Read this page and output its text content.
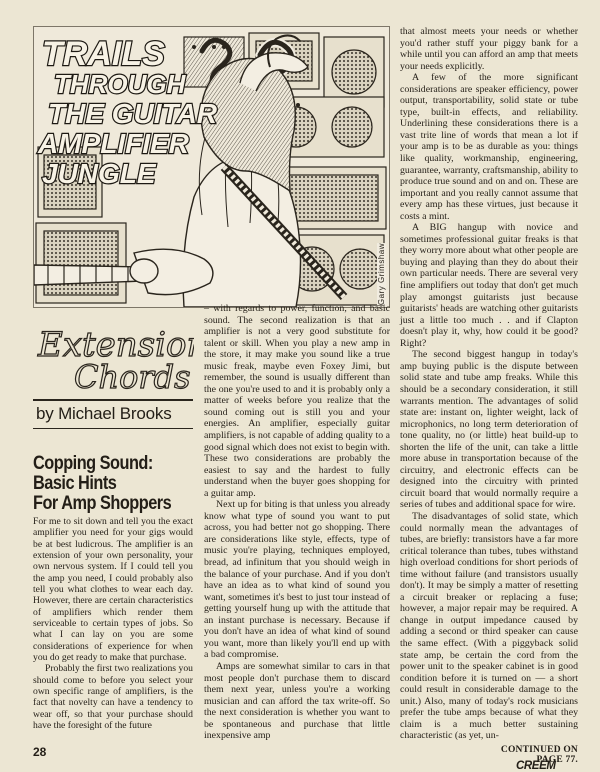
TRAILS
THROUGH
THE GUITAR
AMPLIFIER
JUNGLE
Gary Grimshaw
Extension
Chords
by Michael Brooks
Copping Sound:
Basic Hints
For Amp Shoppers

For me to sit down and tell you the exact amplifier you need for your gigs would be at best ludicrous. The amplifier is an extension of your own personality, your own nervous system. If I could tell you the amp you need, I could probably also tell you what clothes to wear each day. However, there are certain characteristics of amplifiers which render them serviceable to certain types of jobs. So what I can lay on you are some considerations of experience for when you do get ready to make that purchase.

Probably the first two realizations you should come to before you select your own specific range of amplifiers, is the fact that novelty can have a tendency to wear off, so that your purchase should have the foresight of the future

– with regards to power, function, and basic sound. The second realization is that an amplifier is not a very good substitute for talent or skill. When you play a new amp in the store, it may make you sound like a true music freak, maybe even Foxey Jimi, but remember, the sound is usually different than the one you're used to and it is probably only a matter of weeks before you realize that the sound coming out is still you and your energies. An amplifier, especially guitar amplifiers, is not capable of adding quality to a good signal which does not exist to begin with. These two considerations are probably the easiest to say and the hardest to fully understand when the buyer goes shopping for a guitar amp.

Next up for biting is that unless you already know what type of sound you want to put across, you had better not go shopping. There are considerations like style, effects, type of music you're playing, techniques employed, bread, ad infinitum that you should weigh in the balance of your purchase. And if you don't have an idea as to what kind of sound you want, sometimes it's best to just tour instead of getting yourself hung up with the attitude that an instant purchase is necessary. Because if you don't have an idea of what kind of sound you want, more than likely you'll end up with a bad compromise.

Amps are somewhat similar to cars in that most people don't purchase them to discard them next year, unless you're a working musician and can afford the tax write-off. So the next consideration is whether you want to be spontaneous and purchase that little inexpensive amp

that almost meets your needs or whether you'd rather stuff your piggy bank for a while until you can afford an amp that meets your needs explicitly.

A few of the more significant considerations are speaker efficiency, power output, transportability, solid state or tube type, built-in effects, and reliability. Underlining these considerations there is a vast trite line of words that mean a lot if your amp is to be as durable as you: things like quality, workmanship, engineering, guarantee, warranty, craftsmanship, ability to produce true sound and on and on. These are important and you really cannot assume that every amp has these virtues, just because it costs a mint.

A BIG hangup with novice and sometimes professional guitar freaks is that they worry more about what other people are buying and playing than they do about their own particular needs. There are several very fine amplifiers out today that don't get much play amongst guitarists just because guitarists' heads are watching other guitarists just a little too much . . and if Clapton doesn't play it, why, how could it be good? Right?

The second biggest hangup in today's amp buying public is the dispute between solid state and tube amp freaks. While this should be a secondary consideration, it still warrants mention. The advantages of solid state are: instant on, lighter weight, lack of microphonics, no long term deterioration of tone quality, no (or little) heat build-up to shorten the life of the unit, can take a little more abuse in transportation because of the circuitry, and electronic effects can be designed into the circuitry with printed circuit board that would normally require a series of tubes and additional space for wire.

The disadvantages of solid state, which could normally mean the advantages of tubes, are briefly: transistors have a far more critical tolerance than tubes, tubes withstand high overload conditions for short periods of time without failure (and transistors usually don't). It may be simply a matter of resetting a circuit breaker or replacing a fuse; however, a major repair may be required. A change in output impedance caused by adding a second or third speaker can cause the same effect. (With a piggyback solid state amp, be certain the cord from the power unit to the speaker cabinet is in good condition before it is turned on — a short could result in considerable damage to the unit.) Also, many of today's rock musicians prefer the tube amps because of what they claim is a much better sustaining characteristic (as yet, un-

28	CONTINUED ON PAGE 77.
CREEM
